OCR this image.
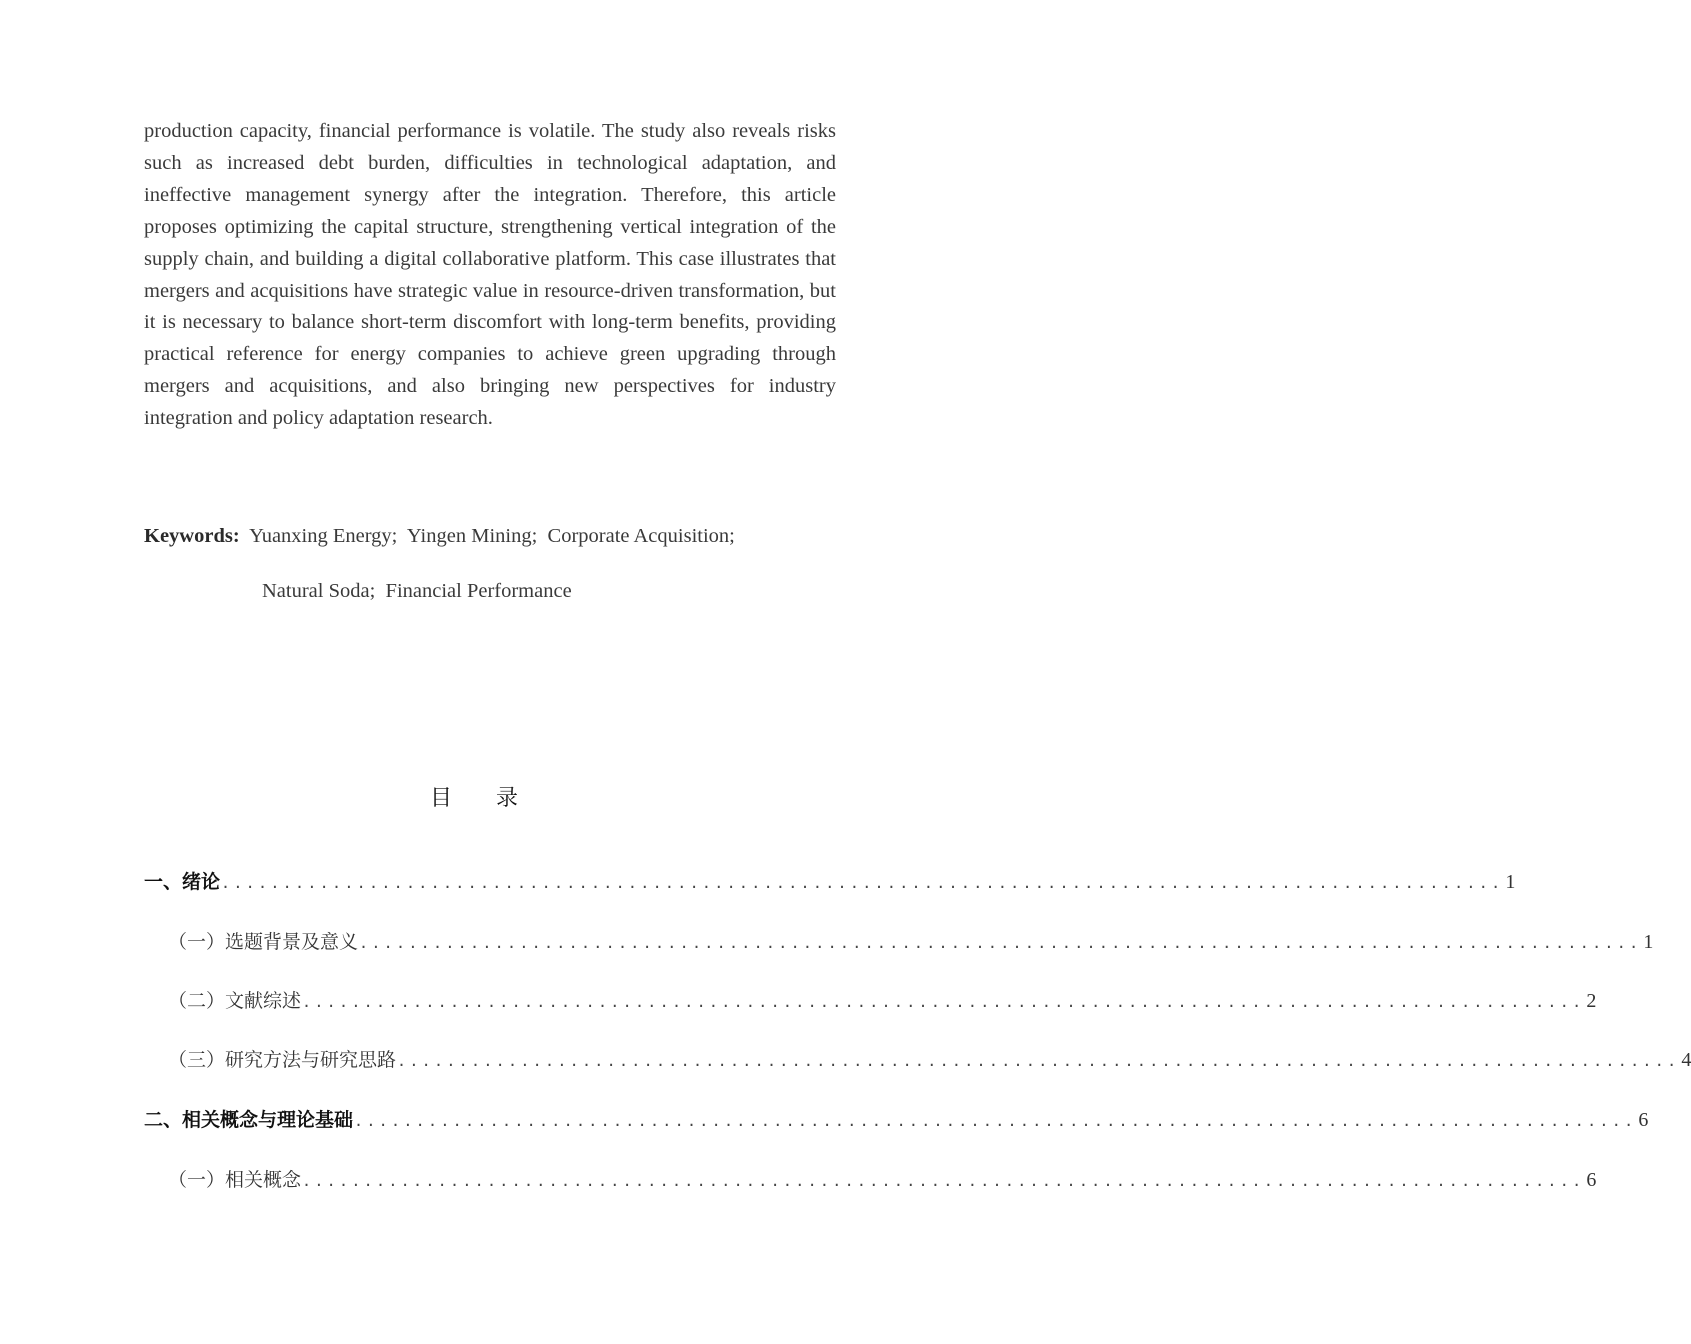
production capacity, financial performance is volatile. The study also reveals risks such as increased debt burden, difficulties in technological adaptation, and ineffective management synergy after the integration. Therefore, this article proposes optimizing the capital structure, strengthening vertical integration of the supply chain, and building a digital collaborative platform. This case illustrates that mergers and acquisitions have strategic value in resource-driven transformation, but it is necessary to balance short-term discomfort with long-term benefits, providing practical reference for energy companies to achieve green upgrading through mergers and acquisitions, and also bringing new perspectives for industry integration and policy adaptation research.

Keywords: Yuanxing Energy;  Yingen Mining;  Corporate Acquisition;
Natural Soda;  Financial Performance
目 录
一、绪论 ........................................................................................................ 1
（一）选题背景及意义 ........................................................................................................ 1
（二）文献综述 ........................................................................................................ 2
（三）研究方法与研究思路 ........................................................................................................ 4
二、相关概念与理论基础 ........................................................................................................ 6
（一）相关概念 ........................................................................................................ 6
